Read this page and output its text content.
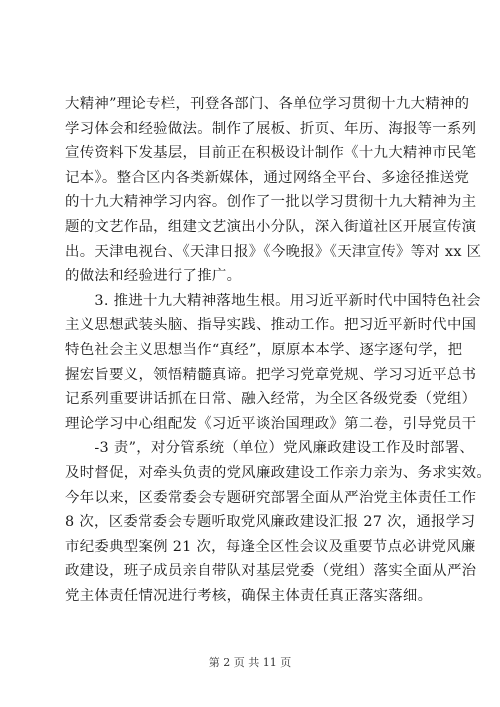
大精神”理论专栏，刊登各部门、各单位学习贯彻十九大精神的
学习体会和经验做法。制作了展板、折页、年历、海报等一系列
宣传资料下发基层，目前正在积极设计制作《十九大精神市民笔
记本》。整合区内各类新媒体，通过网络全平台、多途径推送党
的十九大精神学习内容。创作了一批以学习贯彻十九大精神为主
题的文艺作品，组建文艺演出小分队，深入街道社区开展宣传演
出。天津电视台、《天津日报》《今晚报》《天津宣传》等对 xx 区
的做法和经验进行了推广。
　　3. 推进十九大精神落地生根。用习近平新时代中国特色社会
主义思想武装头脑、指导实践、推动工作。把习近平新时代中国
特色社会主义思想当作“真经”，原原本本学、逐字逐句学，把
握宏旨要义，领悟精髓真谛。把学习党章党规、学习习近平总书
记系列重要讲话抓在日常、融入经常，为全区各级党委（党组）
理论学习中心组配发《习近平谈治国理政》第二卷，引导党员干
　　-3 责”，对分管系统（单位）党风廉政建设工作及时部署、
及时督促，对牵头负责的党风廉政建设工作亲力亲为、务求实效。
今年以来，区委常委会专题研究部署全面从严治党主体责任工作
8 次，区委常委会专题听取党风廉政建设汇报 27 次，通报学习
市纪委典型案例 21 次，每逢全区性会议及重要节点必讲党风廉
政建设，班子成员亲自带队对基层党委（党组）落实全面从严治
党主体责任情况进行考核，确保主体责任真正落实落细。
第 2 页 共 11 页
